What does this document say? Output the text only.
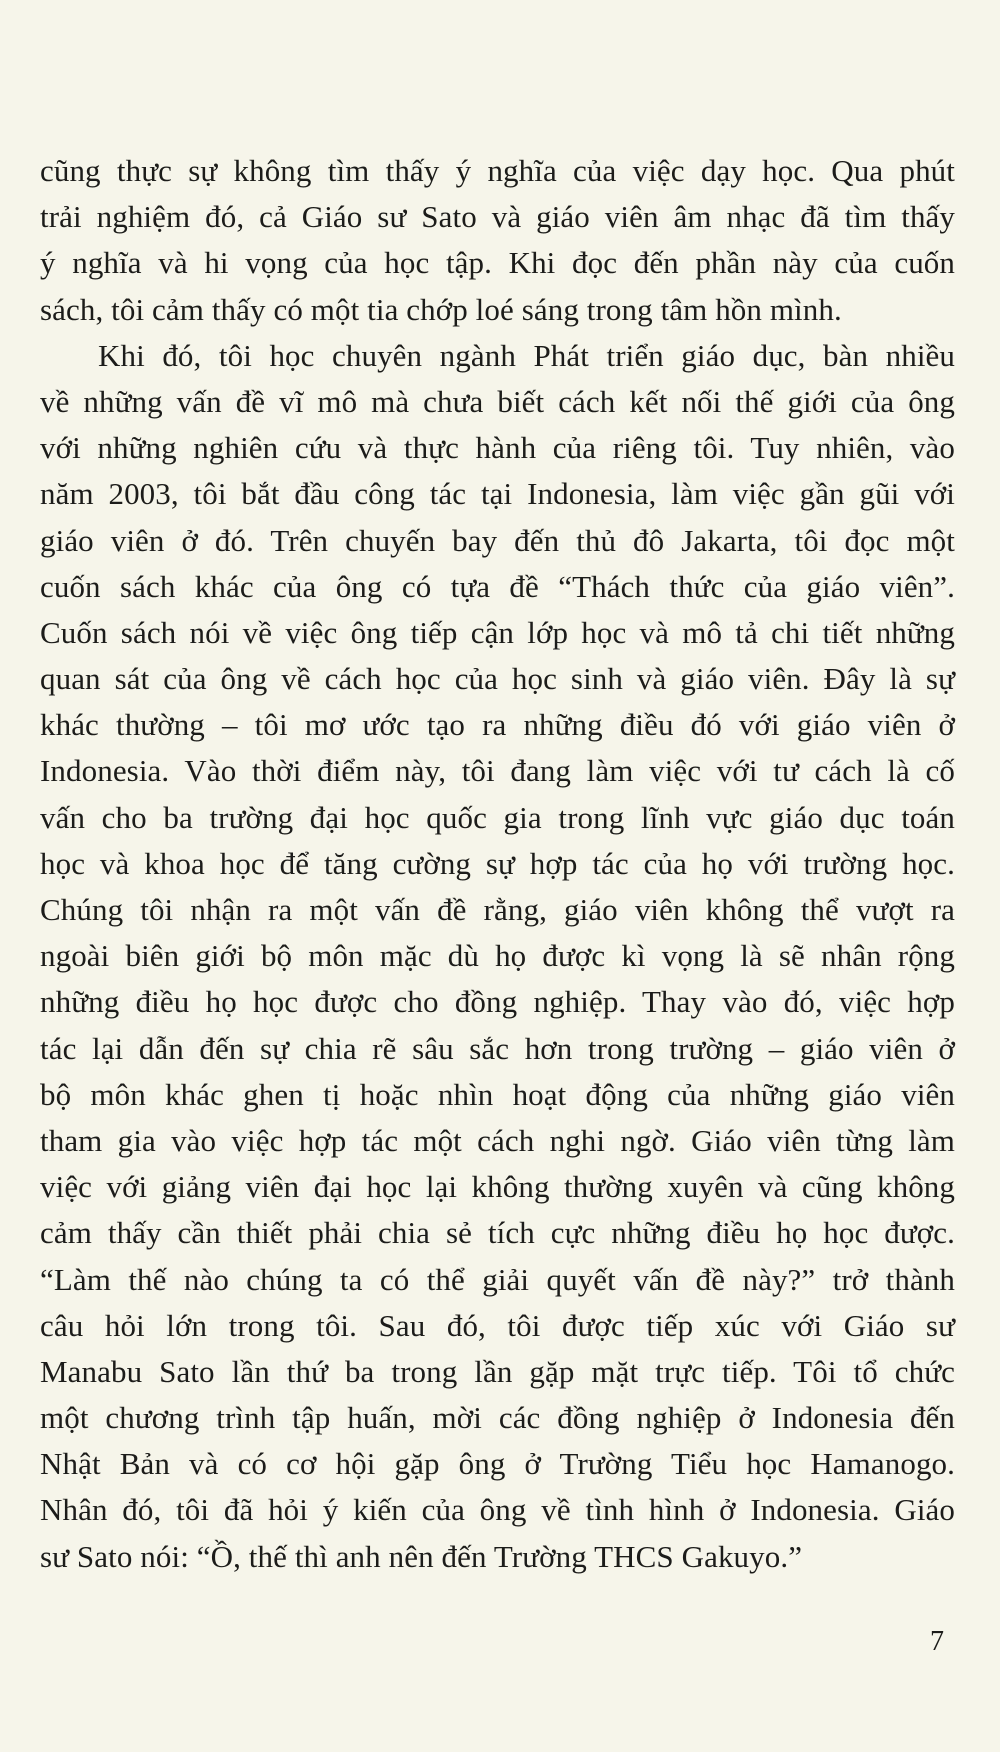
cũng thực sự không tìm thấy ý nghĩa của việc dạy học. Qua phút
trải nghiệm đó, cả Giáo sư Sato và giáo viên âm nhạc đã tìm thấy
ý nghĩa và hi vọng của học tập. Khi đọc đến phần này của cuốn
sách, tôi cảm thấy có một tia chớp loé sáng trong tâm hồn mình.
Khi đó, tôi học chuyên ngành Phát triển giáo dục, bàn nhiều
về những vấn đề vĩ mô mà chưa biết cách kết nối thế giới của ông
với những nghiên cứu và thực hành của riêng tôi. Tuy nhiên, vào
năm 2003, tôi bắt đầu công tác tại Indonesia, làm việc gần gũi với
giáo viên ở đó. Trên chuyến bay đến thủ đô Jakarta, tôi đọc một
cuốn sách khác của ông có tựa đề “Thách thức của giáo viên”.
Cuốn sách nói về việc ông tiếp cận lớp học và mô tả chi tiết những
quan sát của ông về cách học của học sinh và giáo viên. Đây là sự
khác thường – tôi mơ ước tạo ra những điều đó với giáo viên ở
Indonesia. Vào thời điểm này, tôi đang làm việc với tư cách là cố
vấn cho ba trường đại học quốc gia trong lĩnh vực giáo dục toán
học và khoa học để tăng cường sự hợp tác của họ với trường học.
Chúng tôi nhận ra một vấn đề rằng, giáo viên không thể vượt ra
ngoài biên giới bộ môn mặc dù họ được kì vọng là sẽ nhân rộng
những điều họ học được cho đồng nghiệp. Thay vào đó, việc hợp
tác lại dẫn đến sự chia rẽ sâu sắc hơn trong trường – giáo viên ở
bộ môn khác ghen tị hoặc nhìn hoạt động của những giáo viên
tham gia vào việc hợp tác một cách nghi ngờ. Giáo viên từng làm
việc với giảng viên đại học lại không thường xuyên và cũng không
cảm thấy cần thiết phải chia sẻ tích cực những điều họ học được.
“Làm thế nào chúng ta có thể giải quyết vấn đề này?” trở thành
câu hỏi lớn trong tôi. Sau đó, tôi được tiếp xúc với Giáo sư
Manabu Sato lần thứ ba trong lần gặp mặt trực tiếp. Tôi tổ chức
một chương trình tập huấn, mời các đồng nghiệp ở Indonesia đến
Nhật Bản và có cơ hội gặp ông ở Trường Tiểu học Hamanogo.
Nhân đó, tôi đã hỏi ý kiến của ông về tình hình ở Indonesia. Giáo
sư Sato nói: “Ồ, thế thì anh nên đến Trường THCS Gakuyo.”
7
